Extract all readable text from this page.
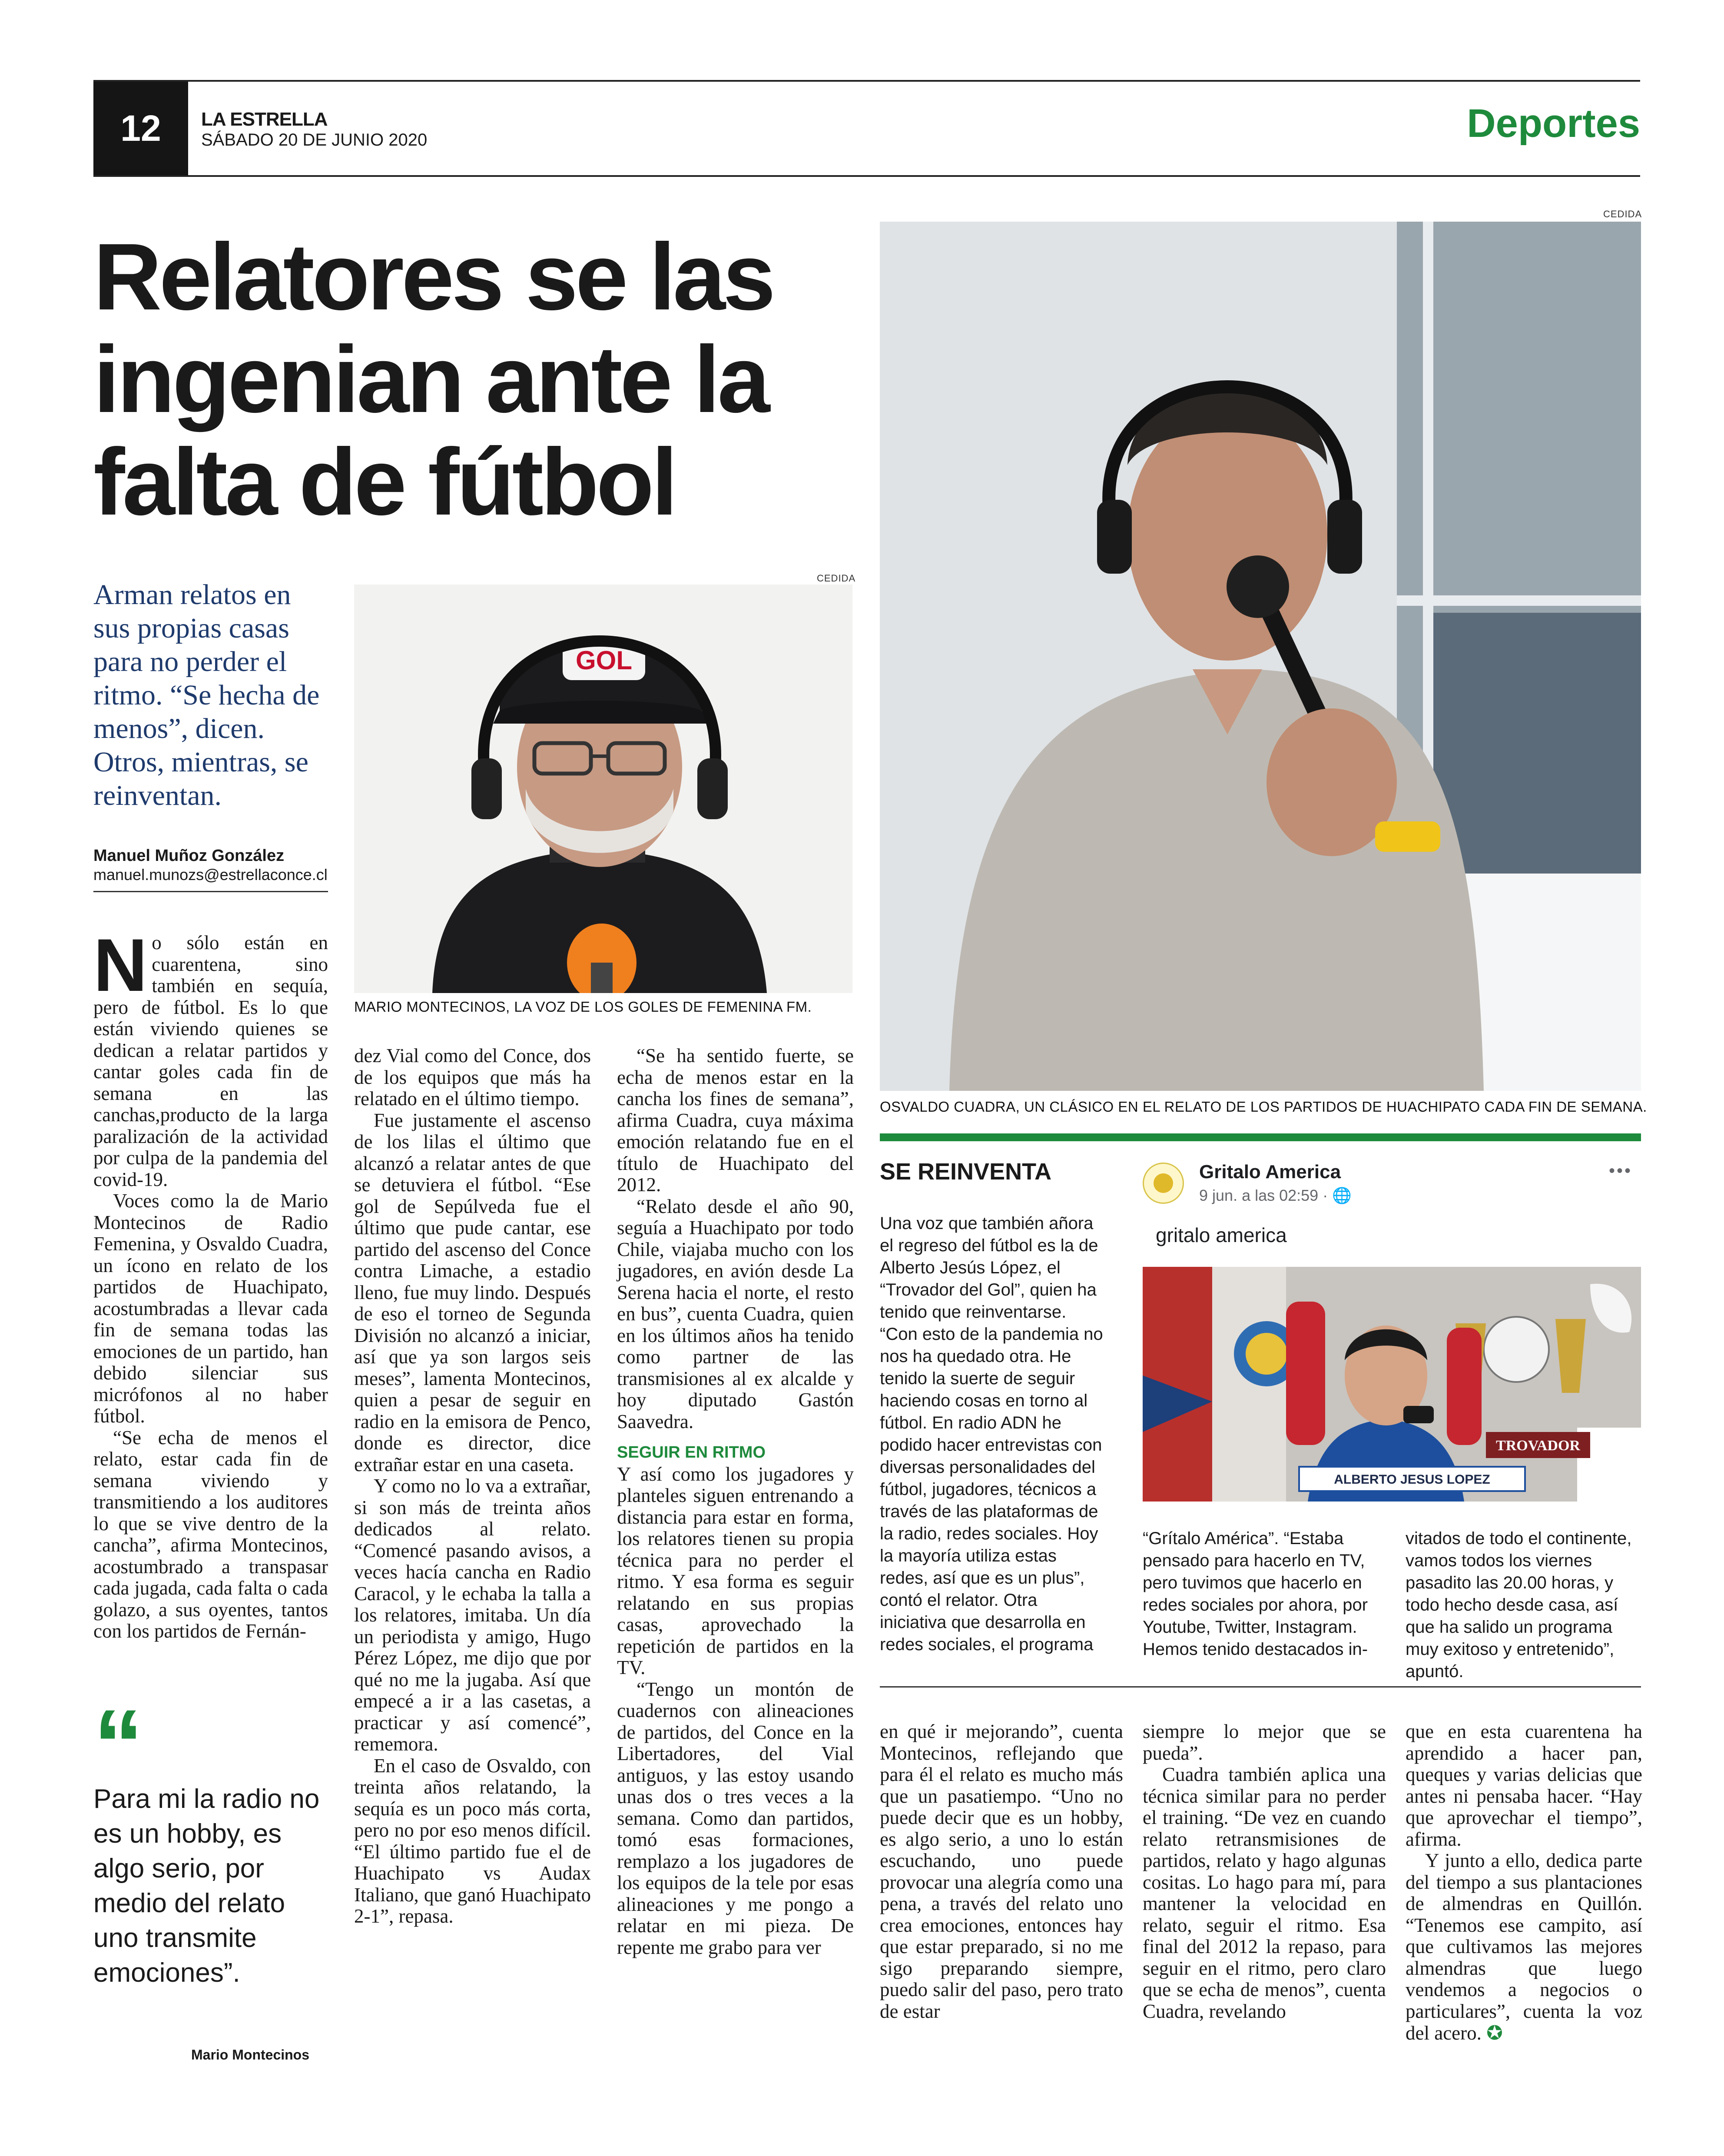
12	LA ESTRELLA
SÁBADO 20 DE JUNIO 2020	Deportes
Relatores se las ingenian ante la falta de fútbol
Arman relatos en sus propias casas para no perder el ritmo. “Se hecha de menos”, dicen. Otros, mientras, se reinventan.
Manuel Muñoz González
manuel.munozs@estrellaconce.cl
CEDIDA
GOL
MARIO MONTECINOS, LA VOZ DE LOS GOLES DE FEMENINA FM.
CEDIDA
OSVALDO CUADRA, UN CLÁSICO EN EL RELATO DE LOS PARTIDOS DE HUACHIPATO CADA FIN DE SEMANA.

No sólo están en cuarentena, sino también en sequía, pero de fútbol. Es lo que están viviendo quienes se dedican a relatar partidos y cantar goles cada fin de semana en las canchas,producto de la larga paralización de la actividad por culpa de la pandemia del covid-19.

Voces como la de Mario Montecinos de Radio Femenina, y Osvaldo Cuadra, un ícono en relato de los partidos de Huachipato, acostumbradas a llevar cada fin de semana todas las emociones de un partido, han debido silenciar sus micrófonos al no haber fútbol.

“Se echa de menos el relato, estar cada fin de semana viviendo y transmitiendo a los auditores lo que se vive dentro de la cancha”, afirma Montecinos, acostumbrado a transpasar cada jugada, cada falta o cada golazo, a sus oyentes, tantos con los partidos de Fernán-

“
Para mi la radio no es un hobby, es algo serio, por medio del relato uno transmite emociones”.
Mario Montecinos

dez Vial como del Conce, dos de los equipos que más ha relatado en el último tiempo.

Fue justamente el ascenso de los lilas el último que alcanzó a relatar antes de que se detuviera el fútbol. “Ese gol de Sepúlveda fue el último que pude cantar, ese partido del ascenso del Conce contra Limache, a estadio lleno, fue muy lindo. Después de eso el torneo de Segunda División no alcanzó a iniciar, así que ya son largos seis meses”, lamenta Montecinos, quien a pesar de seguir en radio en la emisora de Penco, donde es director, dice extrañar estar en una caseta.

Y como no lo va a extrañar, si son más de treinta años dedicados al relato. “Comencé pasando avisos, a veces hacía cancha en Radio Caracol, y le echaba la talla a los relatores, imitaba. Un día un periodista y amigo, Hugo Pérez López, me dijo que por qué no me la jugaba. Así que empecé a ir a las casetas, a practicar y así comencé”, rememora.

En el caso de Osvaldo, con treinta años relatando, la sequía es un poco más corta, pero no por eso menos difícil. “El último partido fue el de Huachipato vs Audax Italiano, que ganó Huachipato 2-1”, repasa.

“Se ha sentido fuerte, se echa de menos estar en la cancha los fines de semana”, afirma Cuadra, cuya máxima emoción relatando fue en el título de Huachipato del 2012.

“Relato desde el año 90, seguía a Huachipato por todo Chile, viajaba mucho con los jugadores, en avión desde La Serena hacia el norte, el resto en bus”, cuenta Cuadra, quien en los últimos años ha tenido como partner de las transmisiones al ex alcalde y hoy diputado Gastón Saavedra.

SEGUIR EN RITMO

Y así como los jugadores y planteles siguen entrenando a distancia para estar en forma, los relatores tienen su propia técnica para no perder el ritmo. Y esa forma es seguir relatando en sus propias casas, aprovechado la repetición de partidos en la TV.

“Tengo un montón de cuadernos con alineaciones de partidos, del Conce en la Libertadores, del Vial antiguos, y las estoy usando unas dos o tres veces a la semana. Como dan partidos, tomó esas formaciones, remplazo a los jugadores de los equipos de la tele por esas alineaciones y me pongo a relatar en mi pieza. De repente me grabo para ver

SE REINVENTA
Una voz que también añora el regreso del fútbol es la de Alberto Jesús López, el “Trovador del Gol”, quien ha tenido que reinventarse. “Con esto de la pandemia no nos ha quedado otra. He tenido la suerte de seguir haciendo cosas en torno al fútbol. En radio ADN he podido hacer entrevistas con diversas personalidades del fútbol, jugadores, técnicos a través de las plataformas de la radio, redes sociales. Hoy la mayoría utiliza estas redes, así que es un plus”, contó el relator. Otra iniciativa que desarrolla en redes sociales, el programa
Gritalo America
9 jun. a las 02:59 · 🌐
•••
gritalo america
TROVADOR
ALBERTO JESUS LOPEZ
“Grítalo América”. “Estaba pensado para hacerlo en TV, pero tuvimos que hacerlo en redes sociales por ahora, por Youtube, Twitter, Instagram. Hemos tenido destacados in-
vitados de todo el continente, vamos todos los viernes pasadito las 20.00 horas, y todo hecho desde casa, así que ha salido un programa muy exitoso y entretenido”, apuntó.

en qué ir mejorando”, cuenta Montecinos, reflejando que para él el relato es mucho más que un pasatiempo. “Uno no puede decir que es un hobby, es algo serio, a uno lo están escuchando, uno puede provocar una alegría como una pena, a través del relato uno crea emociones, entonces hay que estar preparado, si no me sigo preparando siempre, puedo salir del paso, pero trato de estar

siempre lo mejor que se pueda”.

Cuadra también aplica una técnica similar para no perder el training. “De vez en cuando relato retransmisiones de partidos, relato y hago algunas cositas. Lo hago para mí, para mantener la velocidad en relato, seguir el ritmo. Esa final del 2012 la repaso, para seguir en el ritmo, pero claro que se echa de menos”, cuenta Cuadra, revelando

que en esta cuarentena ha aprendido a hacer pan, queques y varias delicias que antes ni pensaba hacer. “Hay que aprovechar el tiempo”, afirma.

Y junto a ello, dedica parte del tiempo a sus plantaciones de almendras en Quillón. “Tenemos ese campito, así que cultivamos las mejores almendras que luego vendemos a negocios o particulares”, cuenta la voz del acero. ✪
